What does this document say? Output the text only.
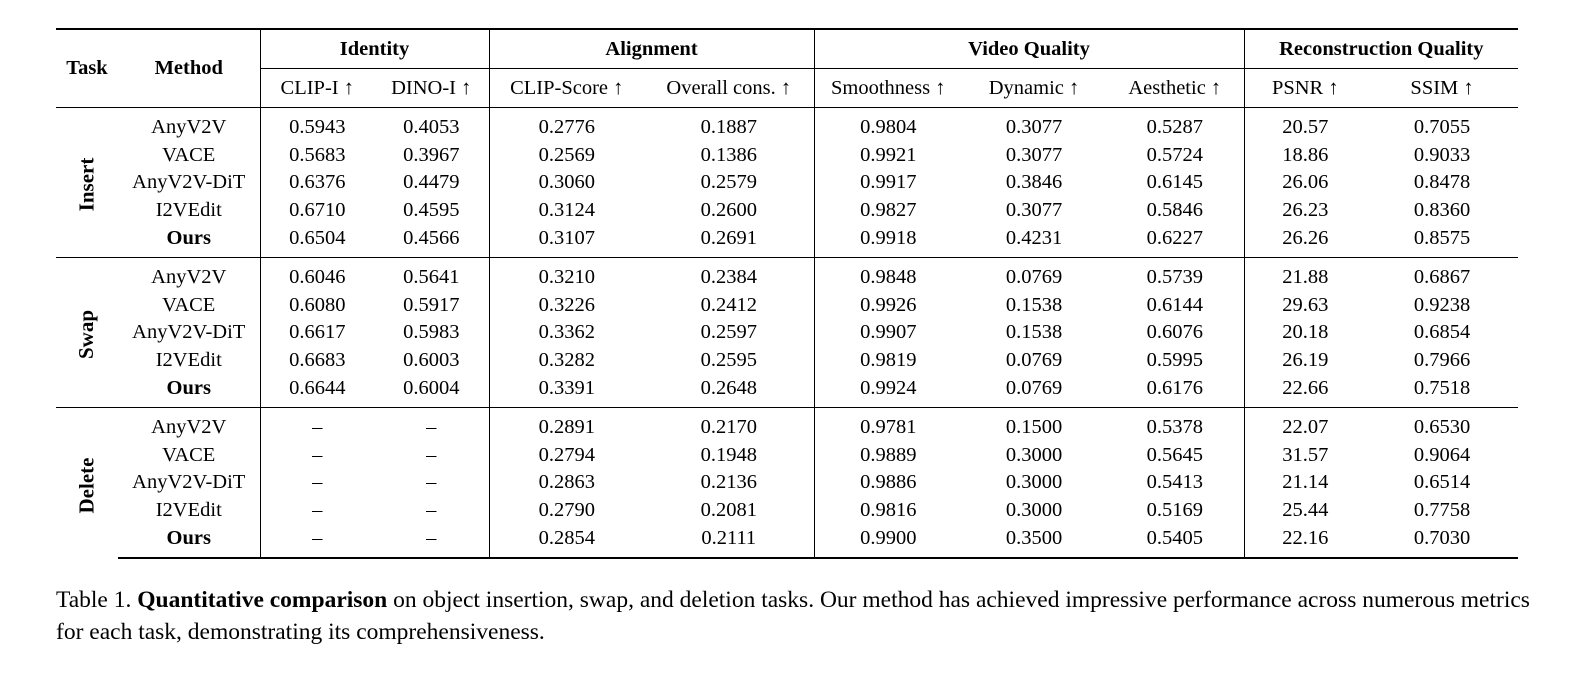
Task	Method	Identity		Alignment		Video Quality			Reconstruction Quality	
		CLIP-I ↑	DINO-I ↑	CLIP-Score ↑	Overall cons. ↑	Smoothness ↑	Dynamic ↑	Aesthetic ↑	PSNR ↑	SSIM ↑
Insert	AnyV2V	0.5943	0.4053	0.2776	0.1887	0.9804	0.3077	0.5287	20.57	0.7055
	VACE	0.5683	0.3967	0.2569	0.1386	0.9921	0.3077	0.5724	18.86	0.9033
	AnyV2V-DiT	0.6376	0.4479	0.3060	0.2579	0.9917	0.3846	0.6145	26.06	0.8478
	I2VEdit	0.6710	0.4595	0.3124	0.2600	0.9827	0.3077	0.5846	26.23	0.8360
	Ours	0.6504	0.4566	0.3107	0.2691	0.9918	0.4231	0.6227	26.26	0.8575
Swap	AnyV2V	0.6046	0.5641	0.3210	0.2384	0.9848	0.0769	0.5739	21.88	0.6867
	VACE	0.6080	0.5917	0.3226	0.2412	0.9926	0.1538	0.6144	29.63	0.9238
	AnyV2V-DiT	0.6617	0.5983	0.3362	0.2597	0.9907	0.1538	0.6076	20.18	0.6854
	I2VEdit	0.6683	0.6003	0.3282	0.2595	0.9819	0.0769	0.5995	26.19	0.7966
	Ours	0.6644	0.6004	0.3391	0.2648	0.9924	0.0769	0.6176	22.66	0.7518
Delete	AnyV2V	–	–	0.2891	0.2170	0.9781	0.1500	0.5378	22.07	0.6530
	VACE	–	–	0.2794	0.1948	0.9889	0.3000	0.5645	31.57	0.9064
	AnyV2V-DiT	–	–	0.2863	0.2136	0.9886	0.3000	0.5413	21.14	0.6514
	I2VEdit	–	–	0.2790	0.2081	0.9816	0.3000	0.5169	25.44	0.7758
	Ours	–	–	0.2854	0.2111	0.9900	0.3500	0.5405	22.16	0.7030
Table 1. Quantitative comparison on object insertion, swap, and deletion tasks. Our method has achieved impressive performance across numerous metrics for each task, demonstrating its comprehensiveness.
